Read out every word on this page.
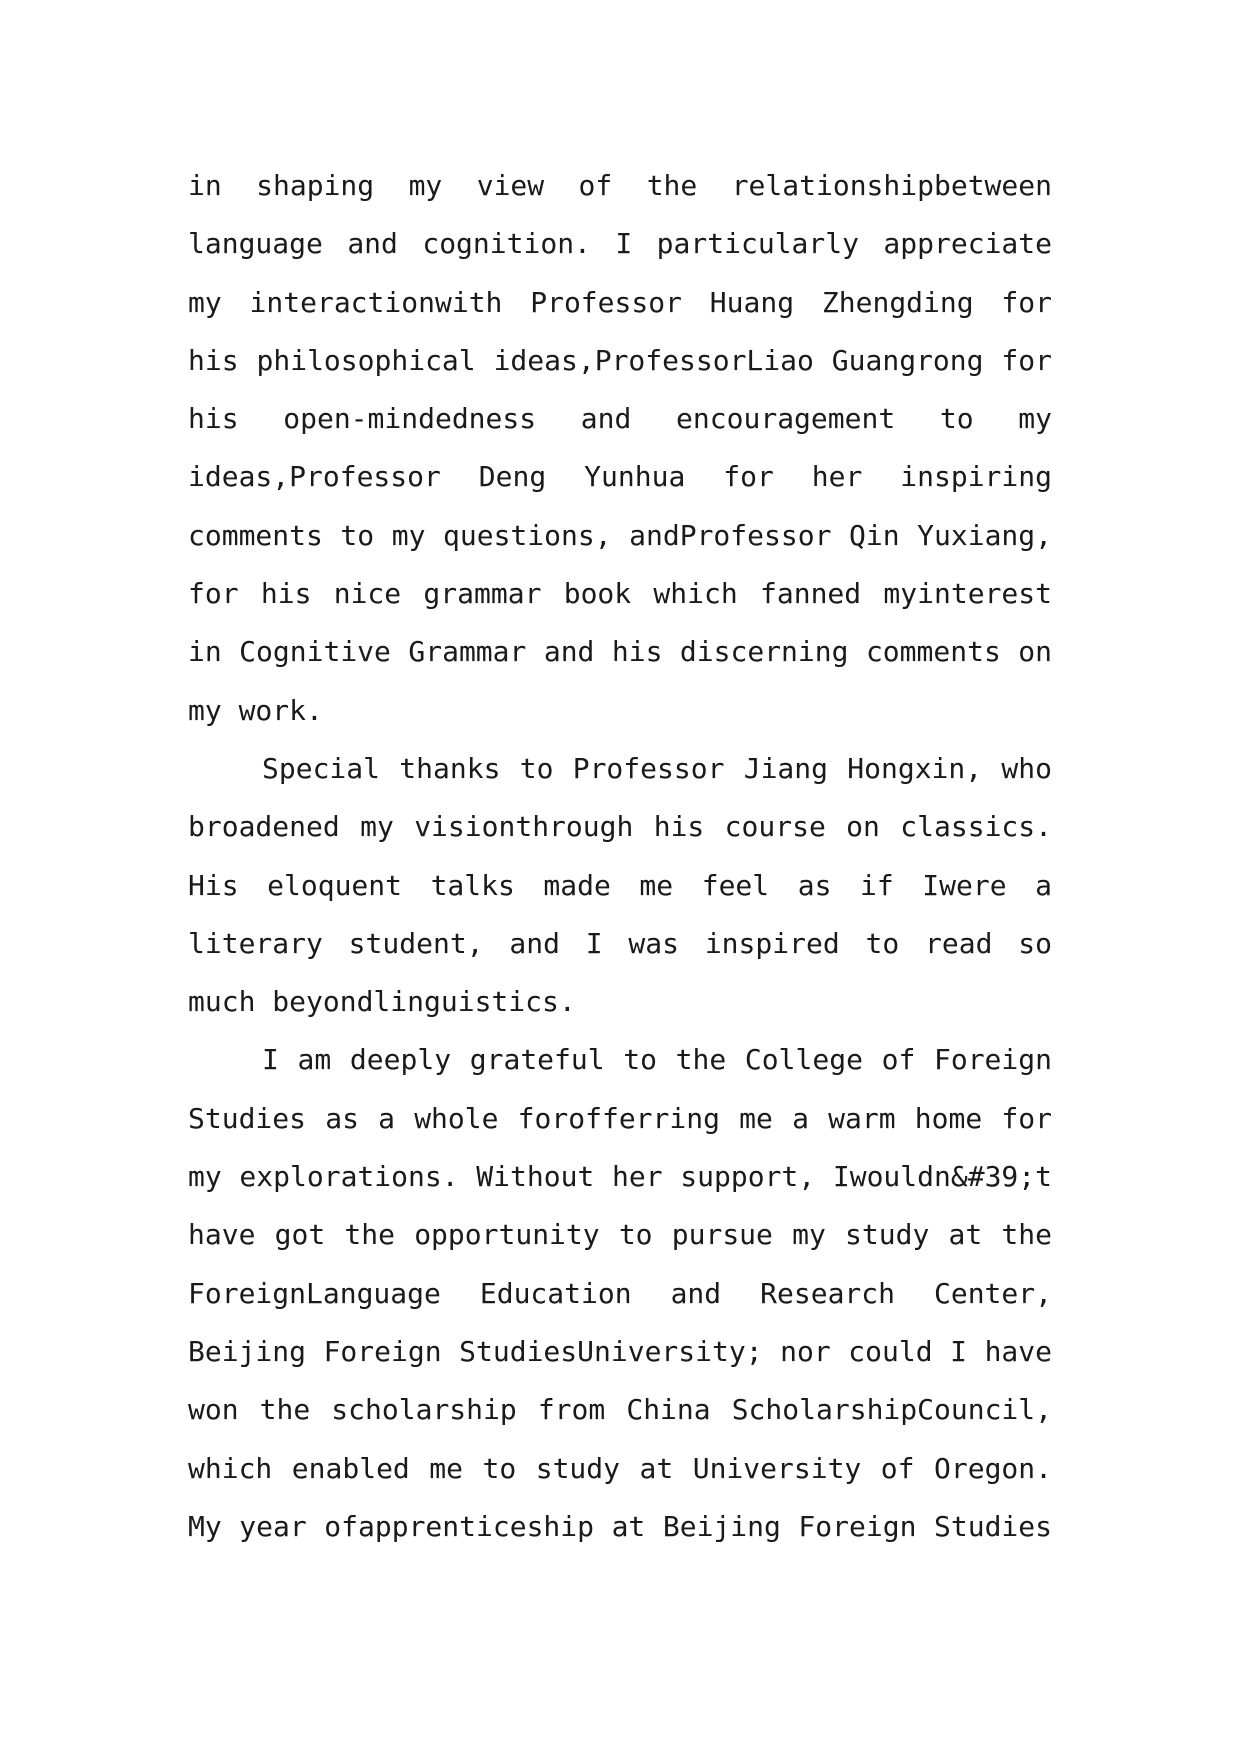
in shaping my view of the relationshipbetween
language and cognition. I particularly appreciate
my interactionwith Professor Huang Zhengding for
his philosophical ideas,ProfessorLiao Guangrong for
his open-mindedness and encouragement to my
ideas,Professor Deng Yunhua for her inspiring
comments to my questions, andProfessor Qin Yuxiang,
for his nice grammar book which fanned myinterest
in Cognitive Grammar and his discerning comments on
my work.
Special thanks to Professor Jiang Hongxin, who
broadened my visionthrough his course on classics.
His eloquent talks made me feel as if Iwere a
literary student, and I was inspired to read so
much beyondlinguistics.
I am deeply grateful to the College of Foreign
Studies as a whole forofferring me a warm home for
my explorations. Without her support, Iwouldn&#39;t
have got the opportunity to pursue my study at the
ForeignLanguage Education and Research Center,
Beijing Foreign StudiesUniversity; nor could I have
won the scholarship from China ScholarshipCouncil,
which enabled me to study at University of Oregon.
My year ofapprenticeship at Beijing Foreign Studies
